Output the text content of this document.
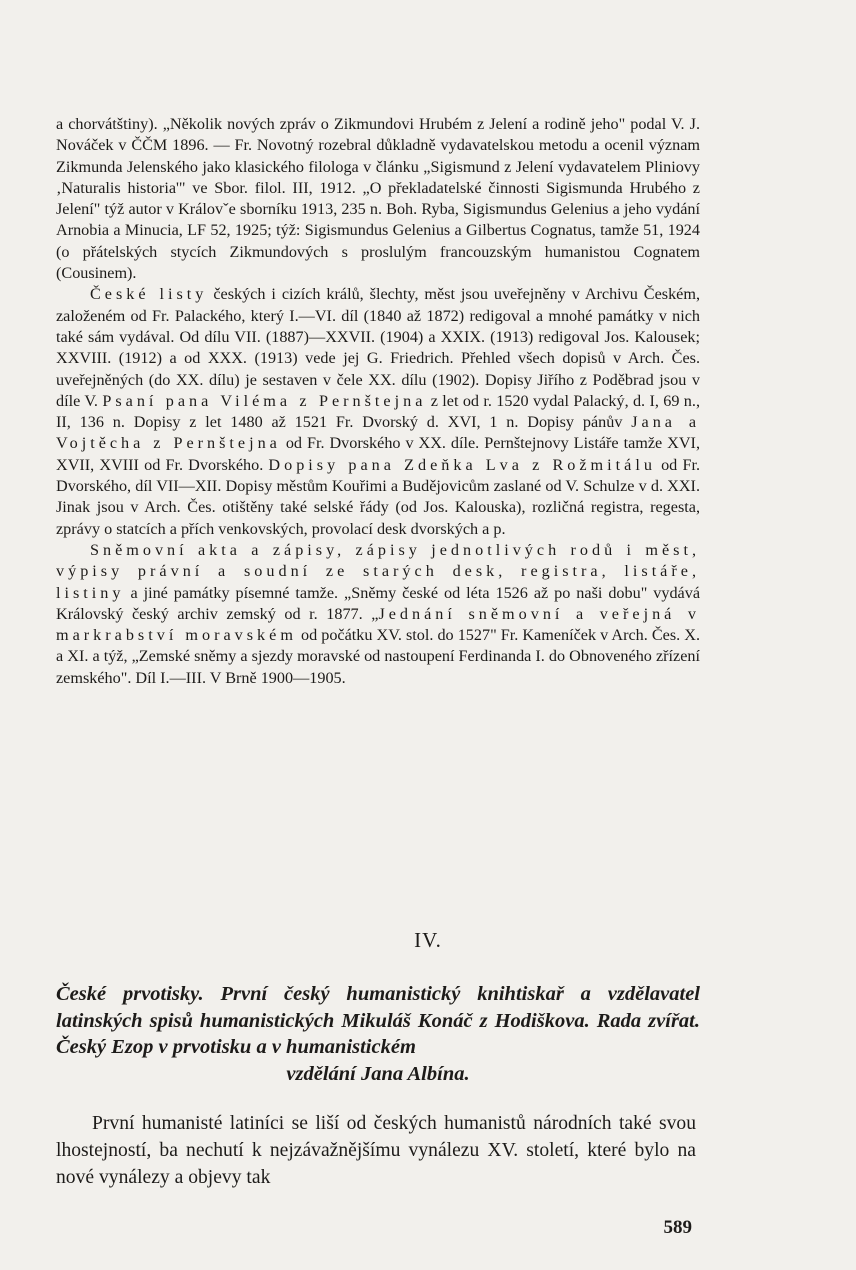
a chorvátštiny). „Několik nových zpráv o Zikmundovi Hrubém z Jelení a rodině jeho" podal V. J. Nováček v ČČM 1896. — Fr. Novotný rozebral důkladně vydavatelskou metodu a ocenil význam Zikmunda Jelenského jako klasického filologa v článku „Sigismund z Jelení vydavatelem Pliniovy ‚Naturalis historia'" ve Sbor. filol. III, 1912. „O překladatelské činnosti Sigismunda Hrubého z Jelení" týž autor v Královˇe sborníku 1913, 235 n. Boh. Ryba, Sigismundus Gelenius a jeho vydání Arnobia a Minucia, LF 52, 1925; týž: Sigismundus Gelenius a Gilbertus Cognatus, tamže 51, 1924 (o přátelských stycích Zikmundových s proslulým francouzským humanistou Cognatem (Cousinem).

České listy českých i cizích králů, šlechty, měst jsou uveřejněny v Archivu Českém, založeném od Fr. Palackého, který I.—VI. díl (1840 až 1872) redigoval a mnohé památky v nich také sám vydával. Od dílu VII. (1887)—XXVII. (1904) a XXIX. (1913) redigoval Jos. Kalousek; XXVIII. (1912) a od XXX. (1913) vede jej G. Friedrich. Přehled všech dopisů v Arch. Čes. uveřejněných (do XX. dílu) je sestaven v čele XX. dílu (1902). Dopisy Jiřího z Poděbrad jsou v díle V. Psaní pana Viléma z Pernštejna z let od r. 1520 vydal Palacký, d. I, 69 n., II, 136 n. Dopisy z let 1480 až 1521 Fr. Dvorský d. XVI, 1 n. Dopisy pánův Jana a Vojtěcha z Pernštejna od Fr. Dvorského v XX. díle. Pernštejnovy Listáře tamže XVI, XVII, XVIII od Fr. Dvorského. Dopisy pana Zdeňka Lva z Rožmitálu od Fr. Dvorského, díl VII—XII. Dopisy městům Kouřimi a Budějovicům zaslané od V. Schulze v d. XXI. Jinak jsou v Arch. Čes. otištěny také selské řády (od Jos. Kalouska), rozličná registra, regesta, zprávy o statcích a přích venkovských, provolací desk dvorských a p.

Sněmovní akta a zápisy, zápisy jednotlivých rodů i měst, výpisy právní a soudní ze starých desk, registra, listáře, listiny a jiné památky písemné tamže. „Sněmy české od léta 1526 až po naši dobu" vydává Královský český archiv zemský od r. 1877. „Jednání sněmovní a veřejná v markrabství moravském od počátku XV. stol. do 1527" Fr. Kameníček v Arch. Čes. X. a XI. a týž, „Zemské sněmy a sjezdy moravské od nastoupení Ferdinanda I. do Obnoveného zřízení zemského". Díl I.—III. V Brně 1900—1905.

IV.
České prvotisky. První český humanistický knihtiskař a vzdělavatel latinských spisů humanistických Mikuláš Konáč z Hodiškova. Rada zvířat. Český Ezop v prvotisku a v humanistickém
vzdělání Jana Albína.
První humanisté latiníci se liší od českých humanistů národních také svou lhostejností, ba nechutí k nejzávažnějšímu vynálezu XV. století, které bylo na nové vynálezy a objevy tak
589
